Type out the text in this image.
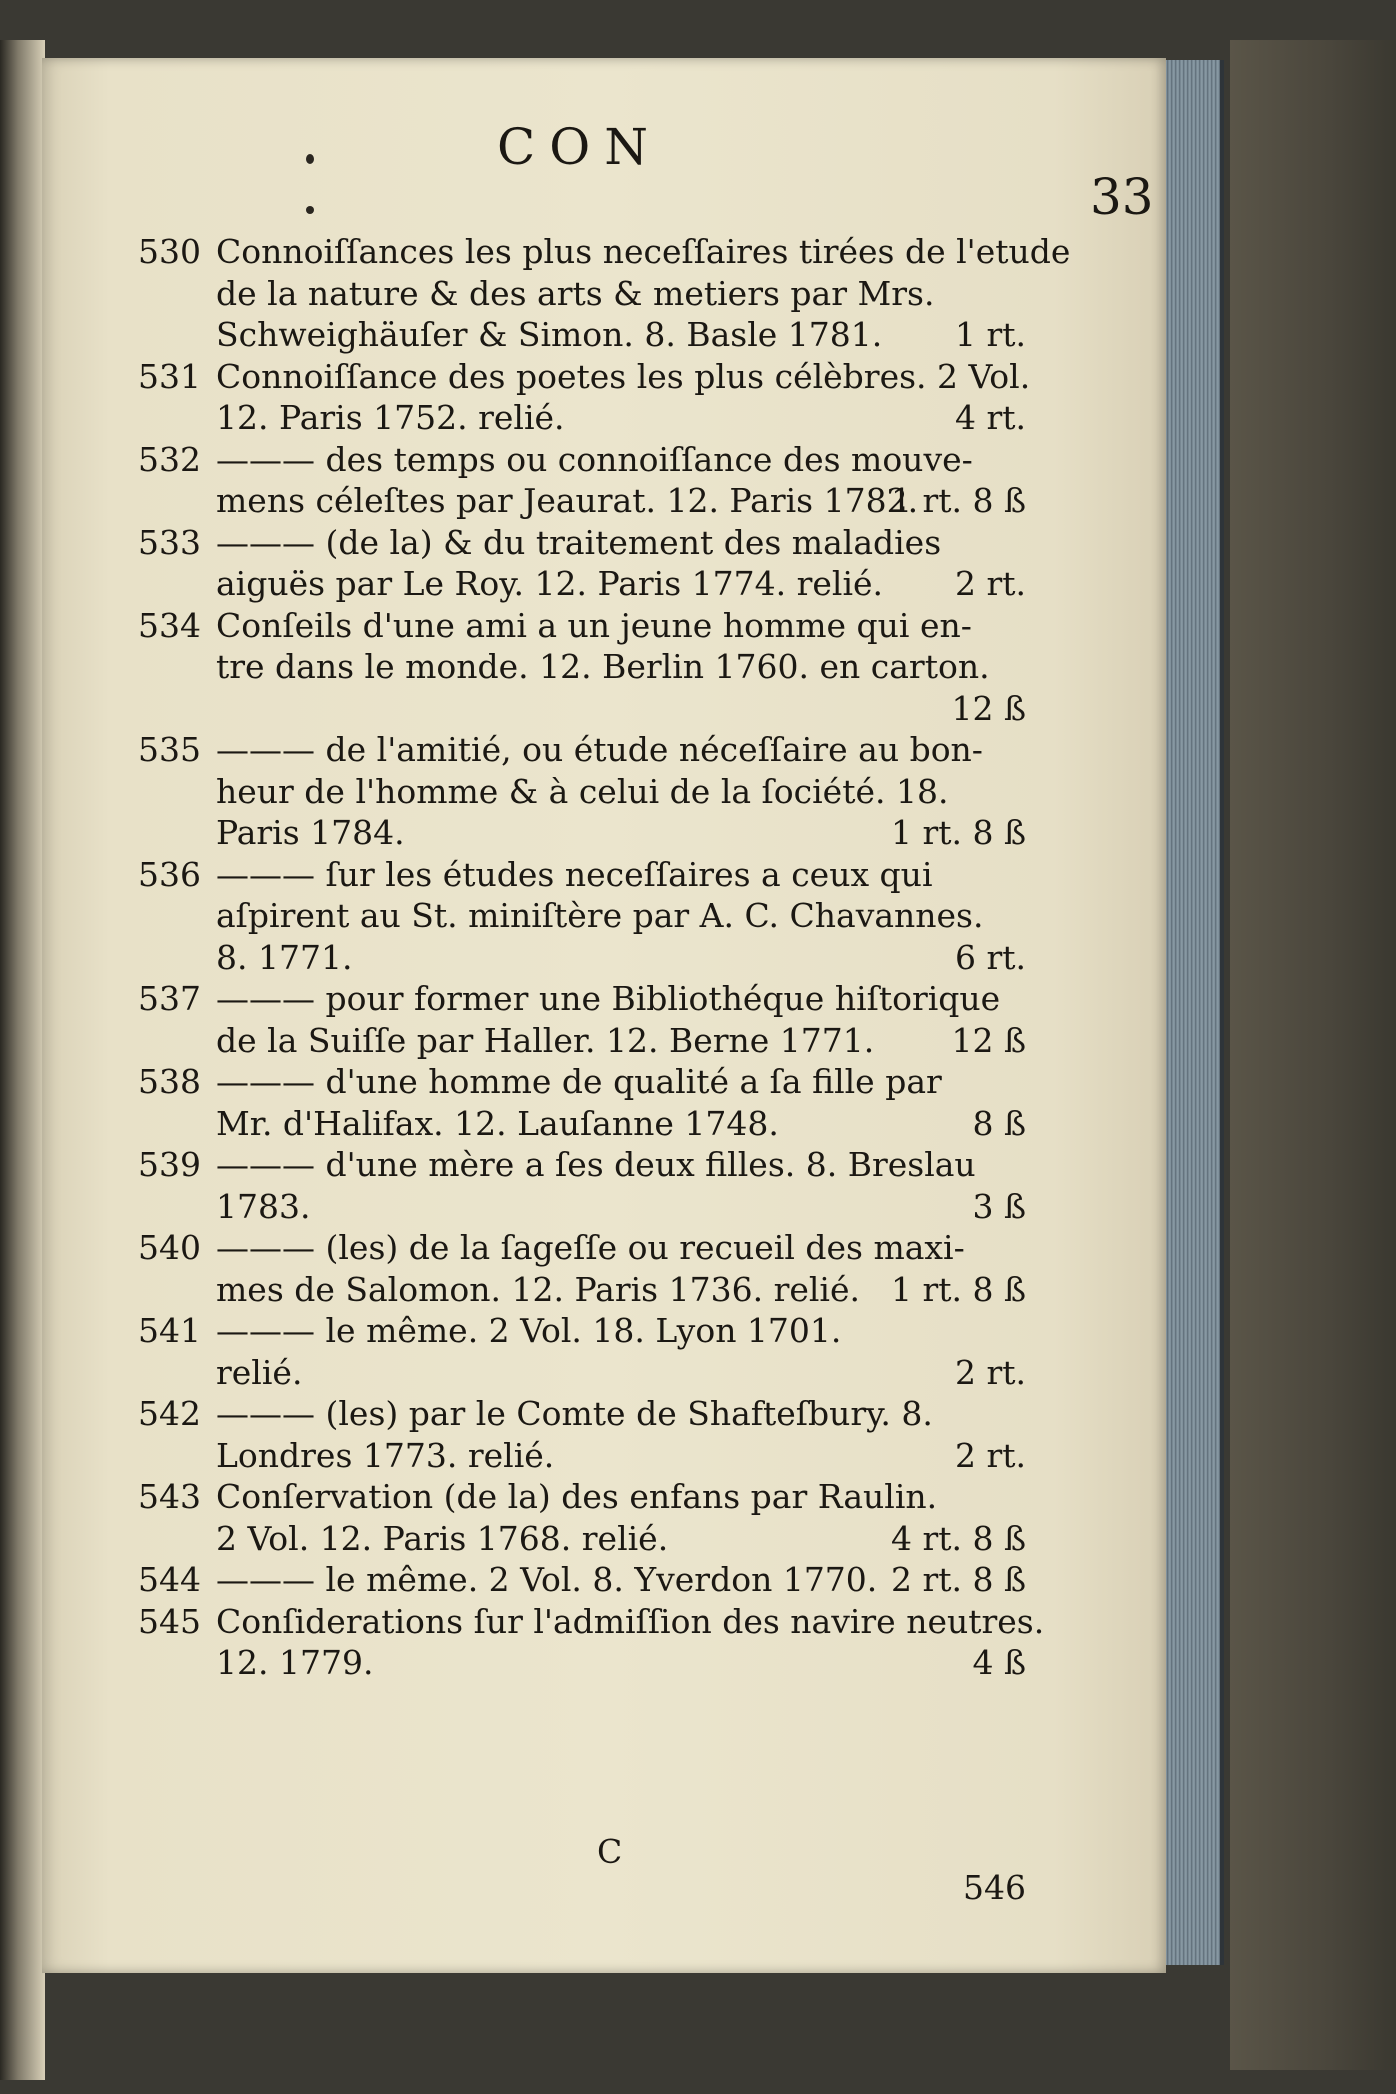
CON
33
530 Connoiſſances les plus neceſſaires tirées de l'etude
de la nature & des arts & metiers par Mrs.
Schweighäuſer & Simon. 8. Basle 1781. 1 rt.
531 Connoiſſance des poetes les plus célèbres. 2 Vol.
12. Paris 1752. relié.	4 rt.
532 ——— des temps ou connoiſſance des mouve-
mens céleſtes par Jeaurat. 12. Paris 1782.
1 rt. 8 ß
533 ——— (de la) & du traitement des maladies
aiguës par Le Roy. 12. Paris 1774. relié. 2 rt.
534 Conſeils d'une ami a un jeune homme qui en-
tre dans le monde. 12. Berlin 1760. en carton.
12 ß
535 ——— de l'amitié, ou étude néceſſaire au bon-
heur de l'homme & à celui de la ſociété. 18.
Paris 1784.	1 rt. 8 ß
536 ——— ſur les études neceſſaires a ceux qui
aſpirent au St. miniſtère par A. C. Chavannes.
8. 1771.	6 rt.
537 ——— pour former une Bibliothéque hiſtorique
de la Suiſſe par Haller. 12. Berne 1771. 12 ß
538 ——— d'une homme de qualité a ſa fille par
Mr. d'Halifax. 12. Lauſanne 1748.	8 ß
539 ——— d'une mère a ſes deux filles. 8. Breslau
1783.	3 ß
540 ——— (les) de la ſageſſe ou recueil des maxi-
mes de Salomon. 12. Paris 1736. relié. 1 rt. 8 ß
541 ——— le même. 2 Vol. 18. Lyon 1701.
relié.	2 rt.
542 ——— (les) par le Comte de Shafteſbury. 8.
Londres 1773. relié.	2 rt.
543 Conſervation (de la) des enfans par Raulin.
2 Vol. 12. Paris 1768. relié.	4 rt. 8 ß
544 ——— le même. 2 Vol. 8. Yverdon 1770. 2 rt. 8 ß
545 Conſiderations ſur l'admiſſion des navire neutres.
12. 1779.	4 ß
C
546
